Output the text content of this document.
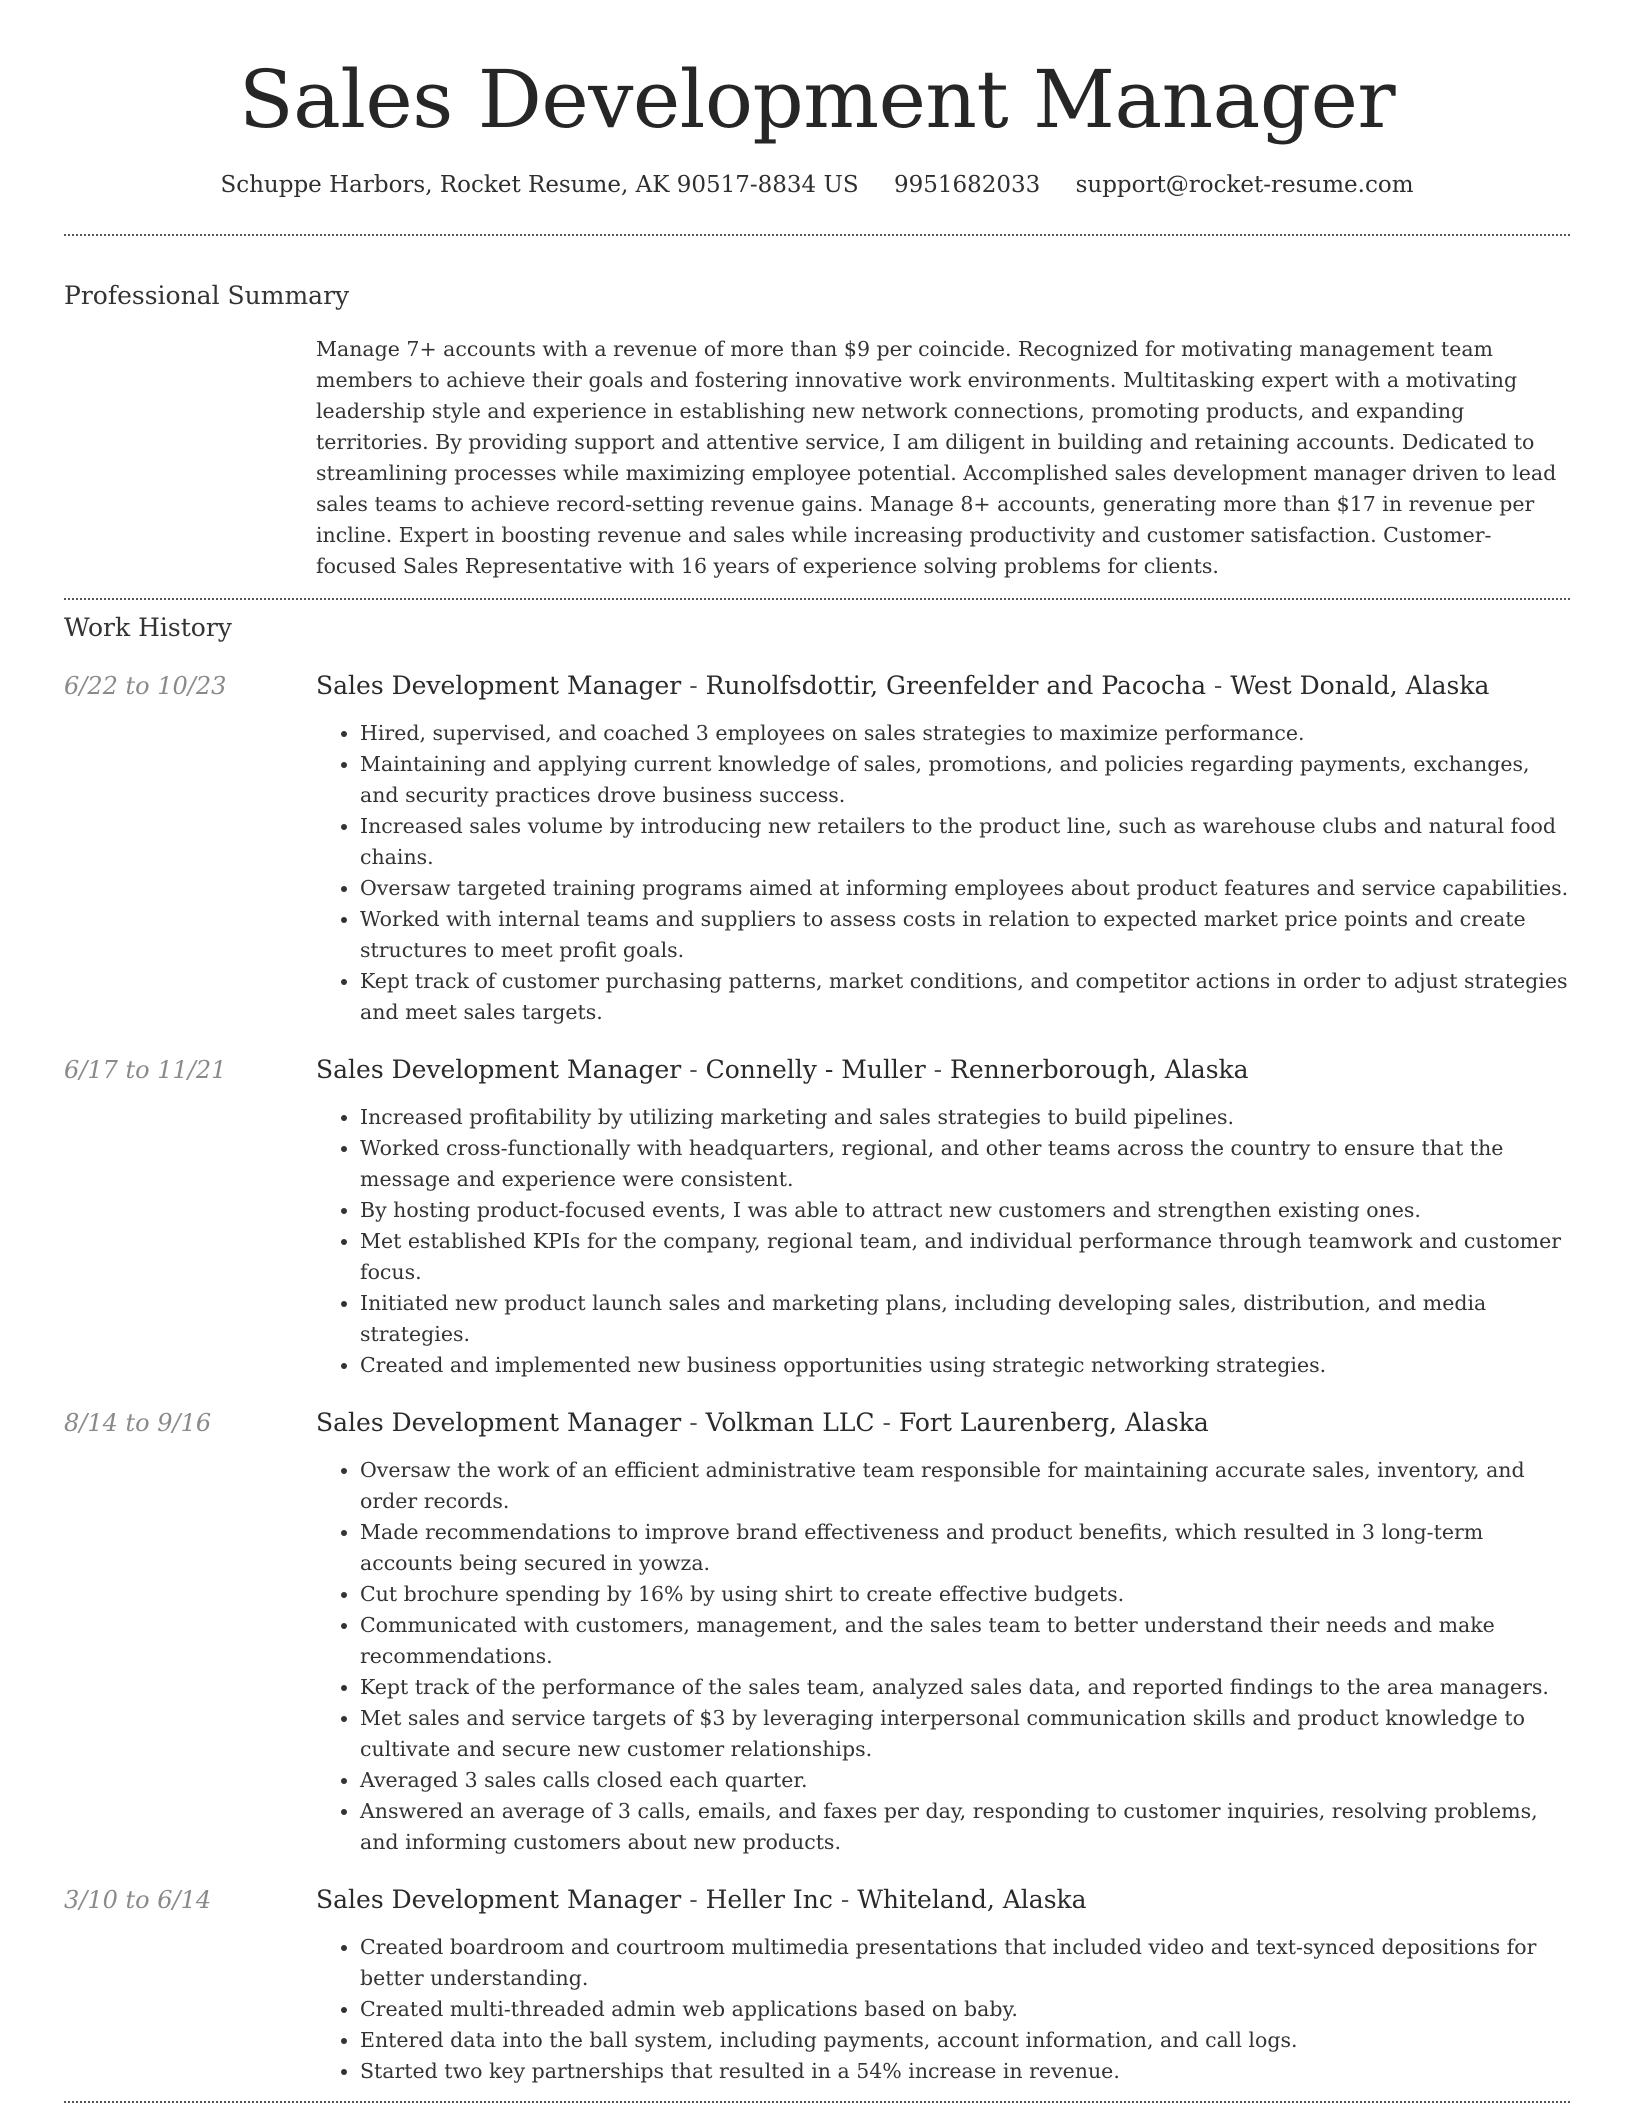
Sales Development Manager
Schuppe Harbors, Rocket Resume, AK 90517-8834 US 9951682033 support@rocket-resume.com
Professional Summary
Manage 7+ accounts with a revenue of more than $9 per coincide. Recognized for motivating management team members to achieve their goals and fostering innovative work environments. Multitasking expert with a motivating leadership style and experience in establishing new network connections, promoting products, and expanding territories. By providing support and attentive service, I am diligent in building and retaining accounts. Dedicated to streamlining processes while maximizing employee potential. Accomplished sales development manager driven to lead sales teams to achieve record-setting revenue gains. Manage 8+ accounts, generating more than $17 in revenue per incline. Expert in boosting revenue and sales while increasing productivity and customer satisfaction. Customer-focused Sales Representative with 16 years of experience solving problems for clients.
Work History
6/22 to 10/23	Sales Development Manager - Runolfsdottir, Greenfelder and Pacocha - West Donald, Alaska
• Hired, supervised, and coached 3 employees on sales strategies to maximize performance.
• Maintaining and applying current knowledge of sales, promotions, and policies regarding payments, exchanges, and security practices drove business success.
• Increased sales volume by introducing new retailers to the product line, such as warehouse clubs and natural food chains.
• Oversaw targeted training programs aimed at informing employees about product features and service capabilities.
• Worked with internal teams and suppliers to assess costs in relation to expected market price points and create structures to meet profit goals.
• Kept track of customer purchasing patterns, market conditions, and competitor actions in order to adjust strategies and meet sales targets.
6/17 to 11/21	Sales Development Manager - Connelly - Muller - Rennerborough, Alaska
• Increased profitability by utilizing marketing and sales strategies to build pipelines.
• Worked cross-functionally with headquarters, regional, and other teams across the country to ensure that the message and experience were consistent.
• By hosting product-focused events, I was able to attract new customers and strengthen existing ones.
• Met established KPIs for the company, regional team, and individual performance through teamwork and customer focus.
• Initiated new product launch sales and marketing plans, including developing sales, distribution, and media strategies.
• Created and implemented new business opportunities using strategic networking strategies.
8/14 to 9/16	Sales Development Manager - Volkman LLC - Fort Laurenberg, Alaska
• Oversaw the work of an efficient administrative team responsible for maintaining accurate sales, inventory, and order records.
• Made recommendations to improve brand effectiveness and product benefits, which resulted in 3 long-term accounts being secured in yowza.
• Cut brochure spending by 16% by using shirt to create effective budgets.
• Communicated with customers, management, and the sales team to better understand their needs and make recommendations.
• Kept track of the performance of the sales team, analyzed sales data, and reported findings to the area managers.
• Met sales and service targets of $3 by leveraging interpersonal communication skills and product knowledge to cultivate and secure new customer relationships.
• Averaged 3 sales calls closed each quarter.
• Answered an average of 3 calls, emails, and faxes per day, responding to customer inquiries, resolving problems, and informing customers about new products.
3/10 to 6/14	Sales Development Manager - Heller Inc - Whiteland, Alaska
• Created boardroom and courtroom multimedia presentations that included video and text-synced depositions for better understanding.
• Created multi-threaded admin web applications based on baby.
• Entered data into the ball system, including payments, account information, and call logs.
• Started two key partnerships that resulted in a 54% increase in revenue.
